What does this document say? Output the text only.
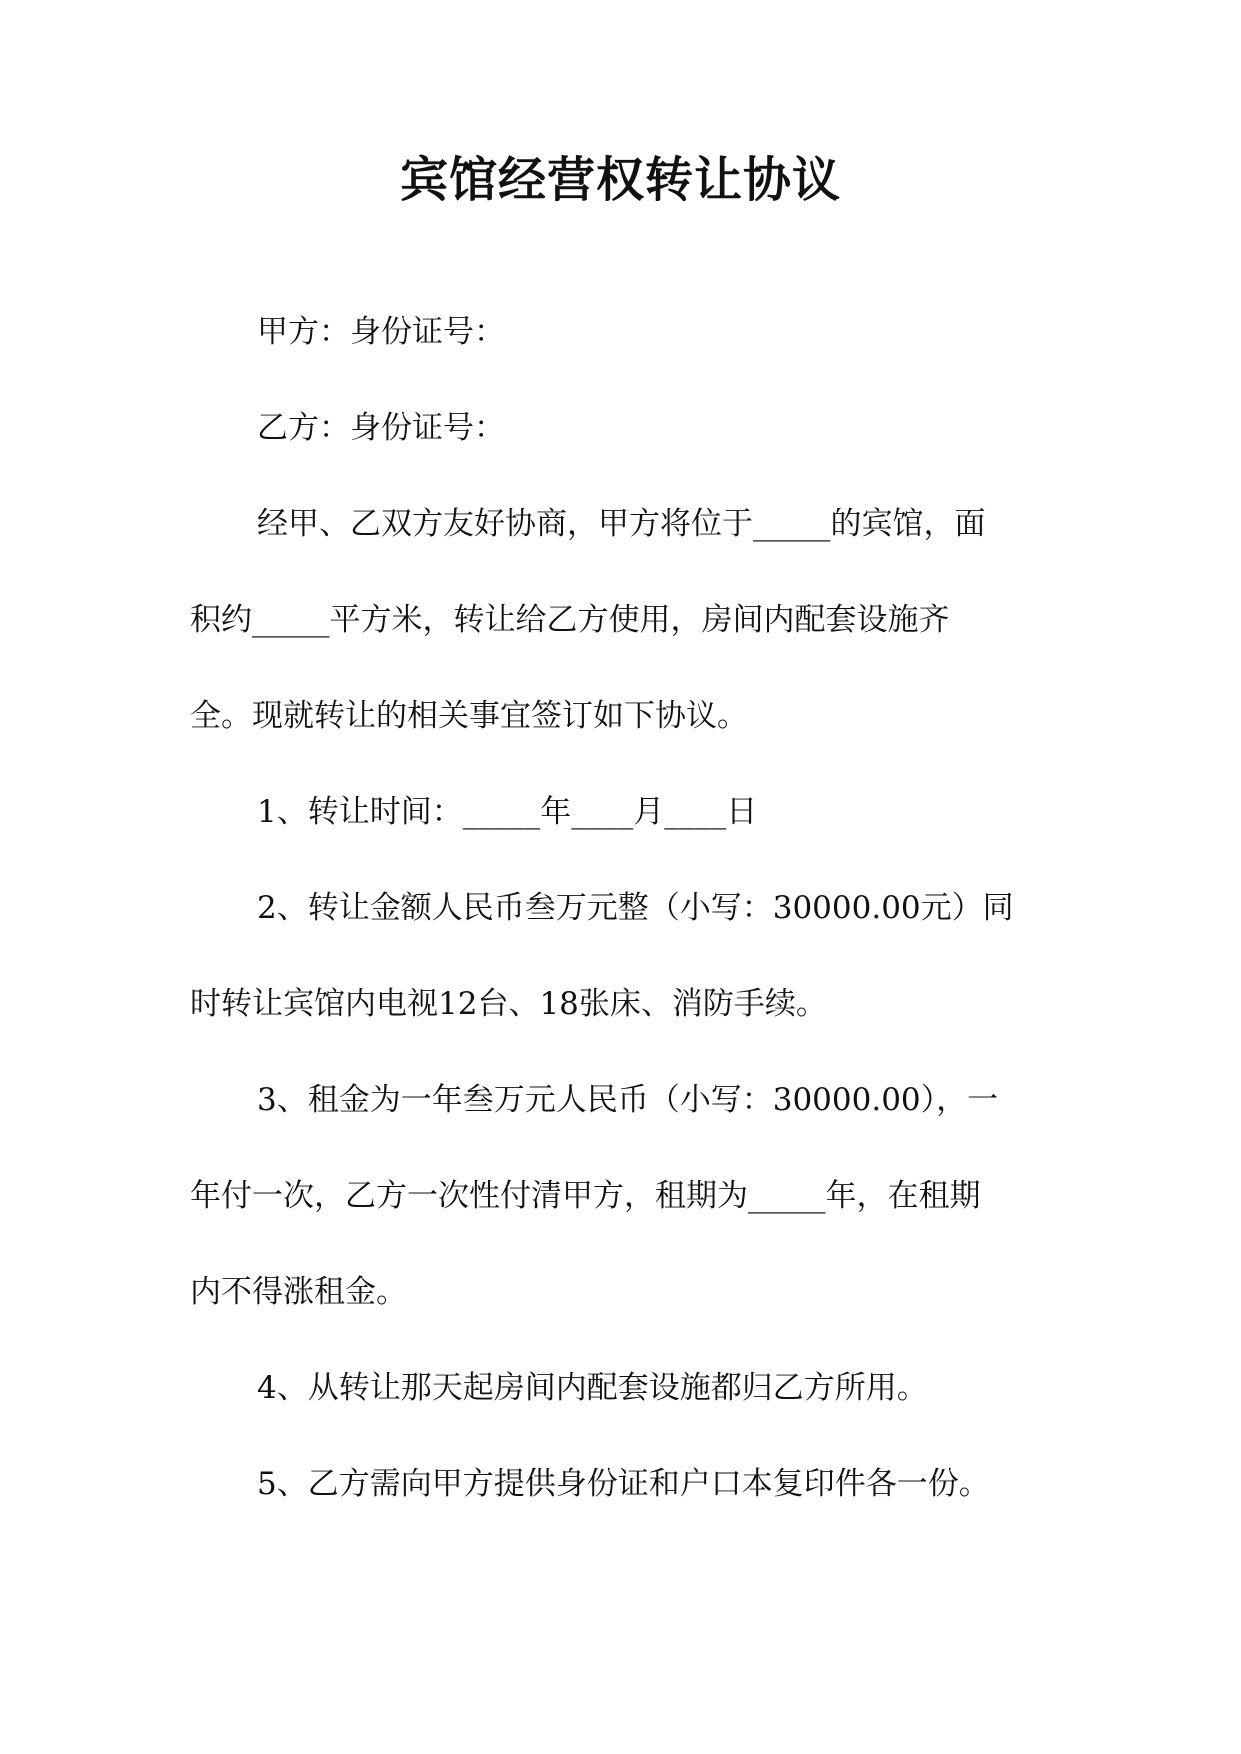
宾馆经营权转让协议

甲方：身份证号：

乙方：身份证号：

经甲、乙双方友好协商，甲方将位于_____的宾馆，面

积约_____平方米，转让给乙方使用，房间内配套设施齐

全。现就转让的相关事宜签订如下协议。

1、转让时间：_____年____月____日

2、转让金额人民币叁万元整（小写：30000.00元）同

时转让宾馆内电视12台、18张床、消防手续。

3、租金为一年叁万元人民币（小写：30000.00），一

年付一次，乙方一次性付清甲方，租期为_____年，在租期

内不得涨租金。

4、从转让那天起房间内配套设施都归乙方所用。

5、乙方需向甲方提供身份证和户口本复印件各一份。
